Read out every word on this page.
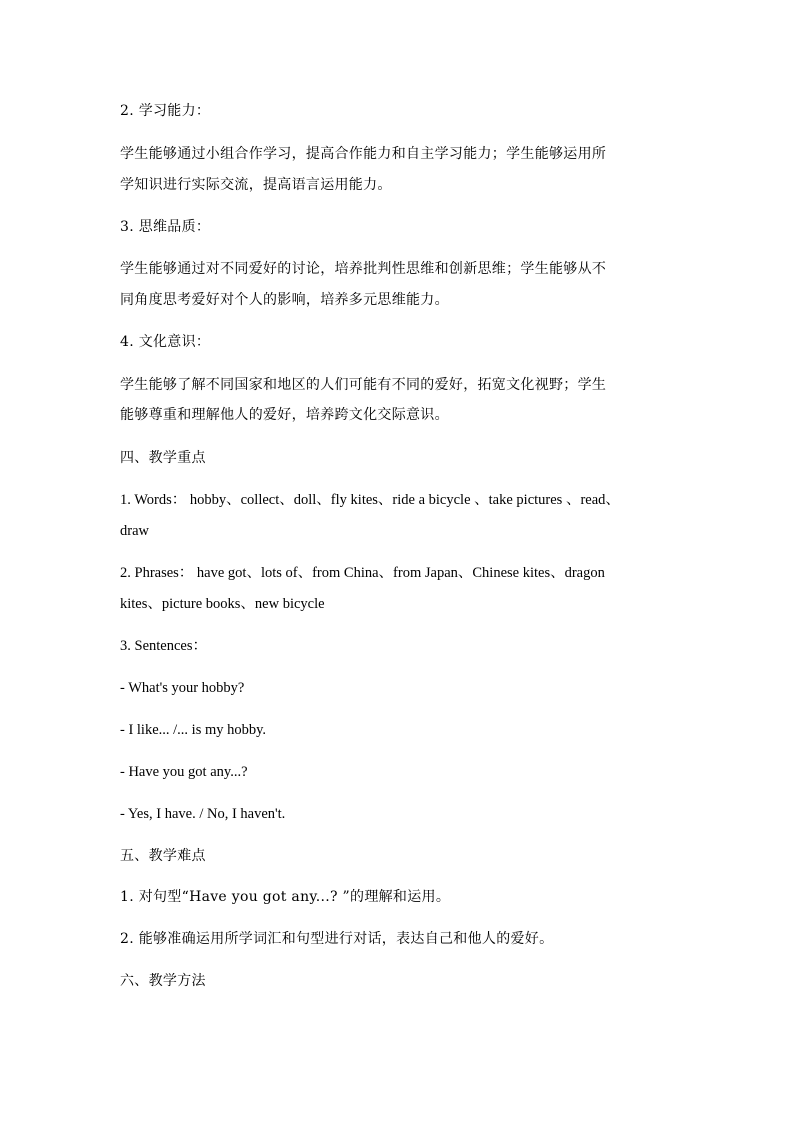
2. 学习能力：
学生能够通过小组合作学习，提高合作能力和自主学习能力；学生能够运用所
学知识进行实际交流，提高语言运用能力。
3. 思维品质：
学生能够通过对不同爱好的讨论，培养批判性思维和创新思维；学生能够从不
同角度思考爱好对个人的影响，培养多元思维能力。
4. 文化意识：
学生能够了解不同国家和地区的人们可能有不同的爱好，拓宽文化视野；学生
能够尊重和理解他人的爱好，培养跨文化交际意识。
四、教学重点
1. Words： hobby、collect、doll、fly kites、ride a bicycle 、take pictures 、read、
draw
2. Phrases： have got、lots of、from China、from Japan、Chinese kites、dragon
kites、picture books、new bicycle
3. Sentences：
- What's your hobby?
- I like... /... is my hobby.
- Have you got any...?
- Yes, I have. / No, I haven't.
五、教学难点
1. 对句型“Have you got any...? ”的理解和运用。
2. 能够准确运用所学词汇和句型进行对话，表达自己和他人的爱好。
六、教学方法
